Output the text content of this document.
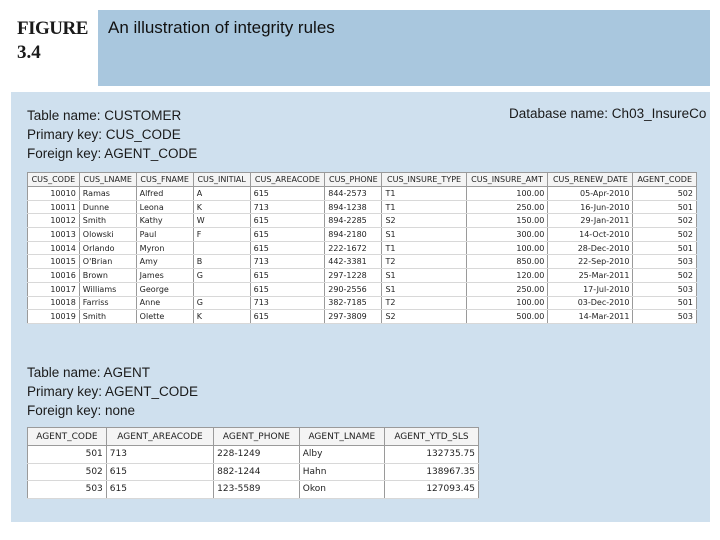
FIGURE
3.4
An illustration of integrity rules
Table name: CUSTOMER
Primary key: CUS_CODE
Foreign key: AGENT_CODE
Database name: Ch03_InsureCo
CUS_CODE	CUS_LNAME	CUS_FNAME	CUS_INITIAL	CUS_AREACODE	CUS_PHONE	CUS_INSURE_TYPE	CUS_INSURE_AMT	CUS_RENEW_DATE	AGENT_CODE
10010	Ramas	Alfred	A	615	844-2573	T1	100.00	05-Apr-2010	502
10011	Dunne	Leona	K	713	894-1238	T1	250.00	16-Jun-2010	501
10012	Smith	Kathy	W	615	894-2285	S2	150.00	29-Jan-2011	502
10013	Olowski	Paul	F	615	894-2180	S1	300.00	14-Oct-2010	502
10014	Orlando	Myron		615	222-1672	T1	100.00	28-Dec-2010	501
10015	O'Brian	Amy	B	713	442-3381	T2	850.00	22-Sep-2010	503
10016	Brown	James	G	615	297-1228	S1	120.00	25-Mar-2011	502
10017	Williams	George		615	290-2556	S1	250.00	17-Jul-2010	503
10018	Farriss	Anne	G	713	382-7185	T2	100.00	03-Dec-2010	501
10019	Smith	Olette	K	615	297-3809	S2	500.00	14-Mar-2011	503
Table name: AGENT
Primary key: AGENT_CODE
Foreign key: none
AGENT_CODE	AGENT_AREACODE	AGENT_PHONE	AGENT_LNAME	AGENT_YTD_SLS
501	713	228-1249	Alby	132735.75
502	615	882-1244	Hahn	138967.35
503	615	123-5589	Okon	127093.45
